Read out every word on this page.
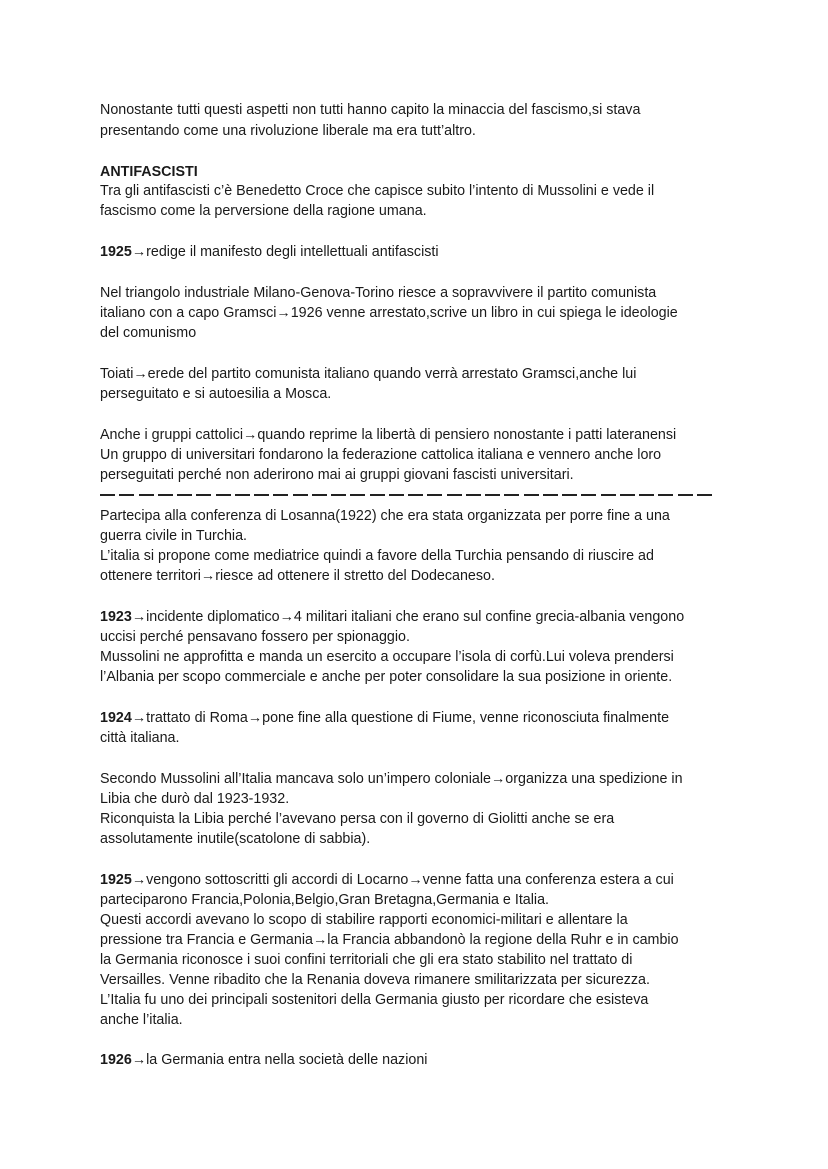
Nonostante tutti questi aspetti non tutti hanno capito la minaccia del fascismo,si stava
presentando come una rivoluzione liberale ma era tutt’altro.
ANTIFASCISTI
Tra gli antifascisti c’è Benedetto Croce che capisce subito l’intento di Mussolini e vede il
fascismo come la perversione della ragione umana.
1925→redige il manifesto degli intellettuali antifascisti
Nel triangolo industriale Milano-Genova-Torino riesce a sopravvivere il partito comunista
italiano con a capo Gramsci→1926 venne arrestato,scrive un libro in cui spiega le ideologie
del comunismo
Toiati→erede del partito comunista italiano quando verrà arrestato Gramsci,anche lui
perseguitato e si autoesilia a Mosca.
Anche i gruppi cattolici→quando reprime la libertà di pensiero nonostante i patti lateranensi
Un gruppo di universitari fondarono la federazione cattolica italiana e vennero anche loro
perseguitati perché non aderirono mai ai gruppi giovani fascisti universitari.
Partecipa alla conferenza di Losanna(1922) che era stata organizzata per porre fine a una
guerra civile in Turchia.
L’italia si propone come mediatrice quindi a favore della Turchia pensando di riuscire ad
ottenere territori→riesce ad ottenere il stretto del Dodecaneso.
1923→incidente diplomatico→4 militari italiani che erano sul confine grecia-albania vengono
uccisi perché pensavano fossero per spionaggio.
Mussolini ne approfitta e manda un esercito a occupare l’isola di corfù.Lui voleva prendersi
l’Albania per scopo commerciale e anche per poter consolidare la sua posizione in oriente.
1924→trattato di Roma→pone fine alla questione di Fiume, venne riconosciuta finalmente
città italiana.
Secondo Mussolini all’Italia mancava solo un’impero coloniale→organizza una spedizione in
Libia che durò dal 1923-1932.
Riconquista la Libia perché l’avevano persa con il governo di Giolitti anche se era
assolutamente inutile(scatolone di sabbia).
1925→vengono sottoscritti gli accordi di Locarno→venne fatta una conferenza estera a cui
parteciparono Francia,Polonia,Belgio,Gran Bretagna,Germania e Italia.
Questi accordi avevano lo scopo di stabilire rapporti economici-militari e allentare la
pressione tra Francia e Germania→la Francia abbandonò la regione della Ruhr e in cambio
la Germania riconosce i suoi confini territoriali che gli era stato stabilito nel trattato di
Versailles. Venne ribadito che la Renania doveva rimanere smilitarizzata per sicurezza.
L’Italia fu uno dei principali sostenitori della Germania giusto per ricordare che esisteva
anche l’italia.
1926→la Germania entra nella società delle nazioni
